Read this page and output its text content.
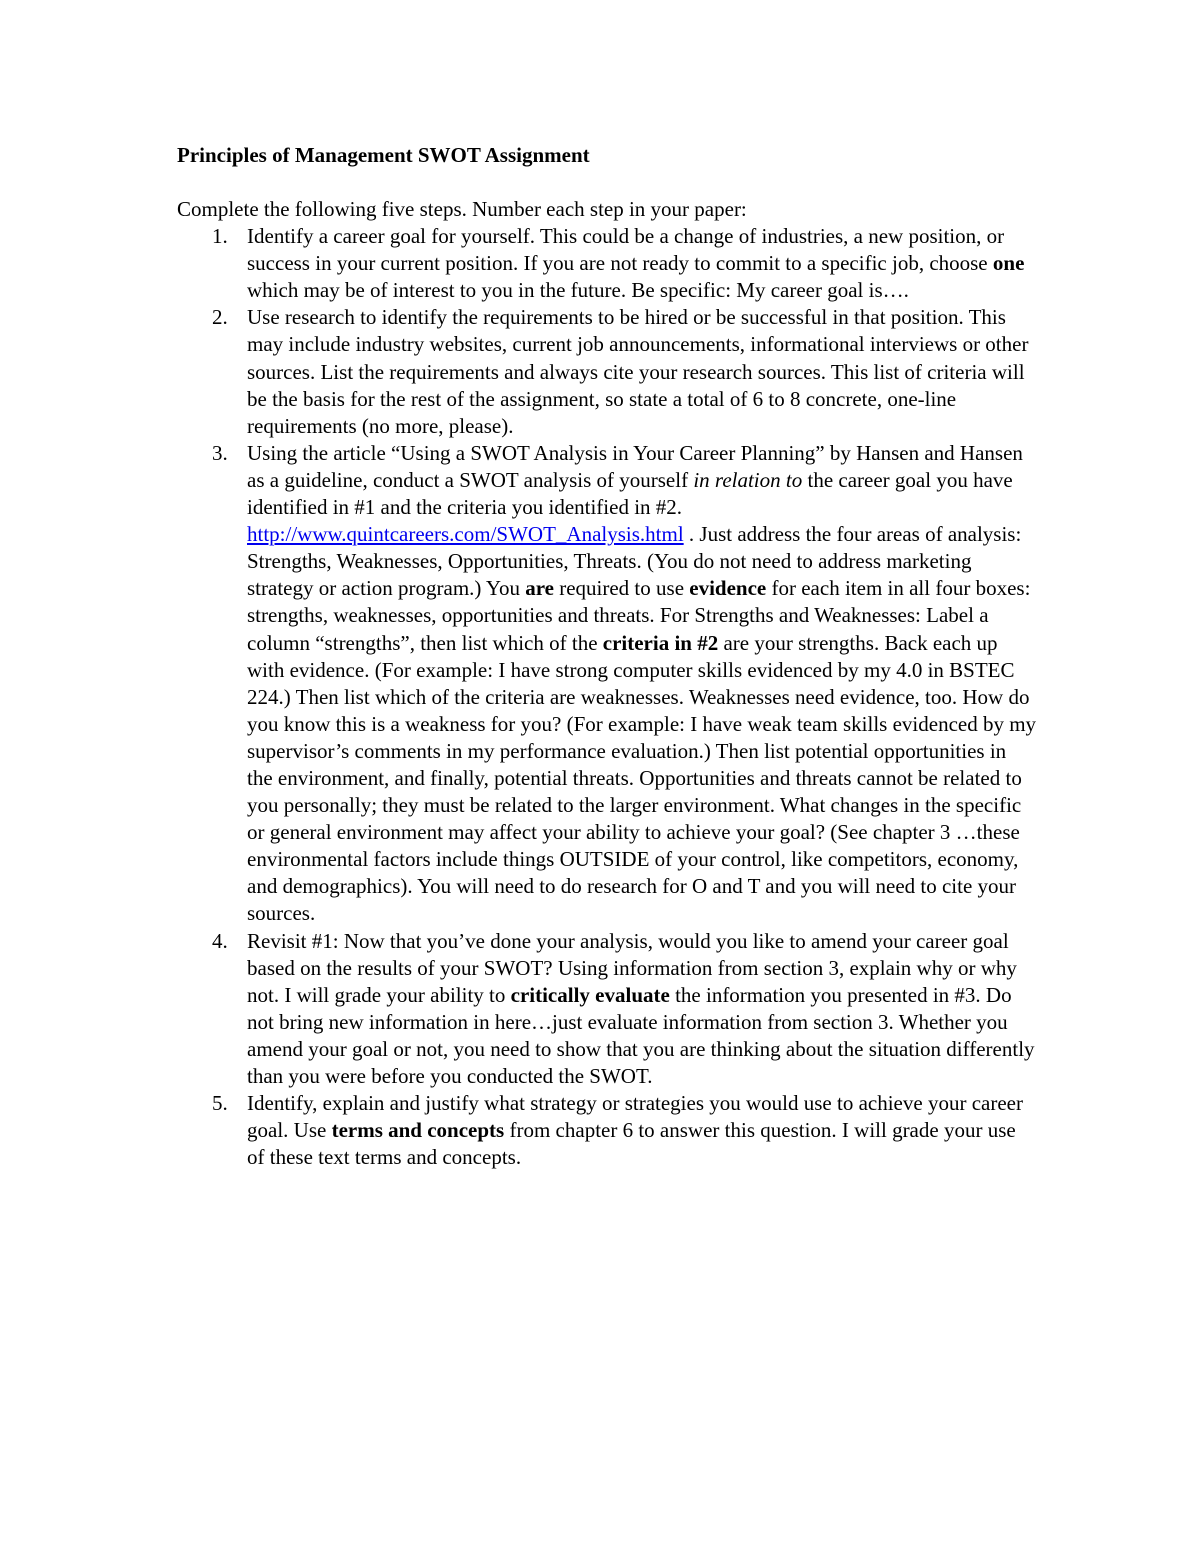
Principles of Management SWOT Assignment

Complete the following five steps. Number each step in your paper:

1. Identify a career goal for yourself. This could be a change of industries, a new position, or success in your current position. If you are not ready to commit to a specific job, choose one which may be of interest to you in the future. Be specific: My career goal is….
2. Use research to identify the requirements to be hired or be successful in that position. This may include industry websites, current job announcements, informational interviews or other sources. List the requirements and always cite your research sources. This list of criteria will be the basis for the rest of the assignment, so state a total of 6 to 8 concrete, one-line requirements (no more, please).
3. Using the article “Using a SWOT Analysis in Your Career Planning” by Hansen and Hansen as a guideline, conduct a SWOT analysis of yourself in relation to the career goal you have identified in #1 and the criteria you identified in #2. http://www.quintcareers.com/SWOT_Analysis.html . Just address the four areas of analysis: Strengths, Weaknesses, Opportunities, Threats. (You do not need to address marketing strategy or action program.) You are required to use evidence for each item in all four boxes: strengths, weaknesses, opportunities and threats. For Strengths and Weaknesses: Label a column “strengths”, then list which of the criteria in #2 are your strengths. Back each up with evidence. (For example: I have strong computer skills evidenced by my 4.0 in BSTEC 224.) Then list which of the criteria are weaknesses. Weaknesses need evidence, too. How do you know this is a weakness for you? (For example: I have weak team skills evidenced by my supervisor’s comments in my performance evaluation.) Then list potential opportunities in the environment, and finally, potential threats. Opportunities and threats cannot be related to you personally; they must be related to the larger environment. What changes in the specific or general environment may affect your ability to achieve your goal? (See chapter 3 …these environmental factors include things OUTSIDE of your control, like competitors, economy, and demographics). You will need to do research for O and T and you will need to cite your sources.
4. Revisit #1: Now that you’ve done your analysis, would you like to amend your career goal based on the results of your SWOT? Using information from section 3, explain why or why not. I will grade your ability to critically evaluate the information you presented in #3. Do not bring new information in here…just evaluate information from section 3. Whether you amend your goal or not, you need to show that you are thinking about the situation differently than you were before you conducted the SWOT.
5. Identify, explain and justify what strategy or strategies you would use to achieve your career goal. Use terms and concepts from chapter 6 to answer this question. I will grade your use of these text terms and concepts.
